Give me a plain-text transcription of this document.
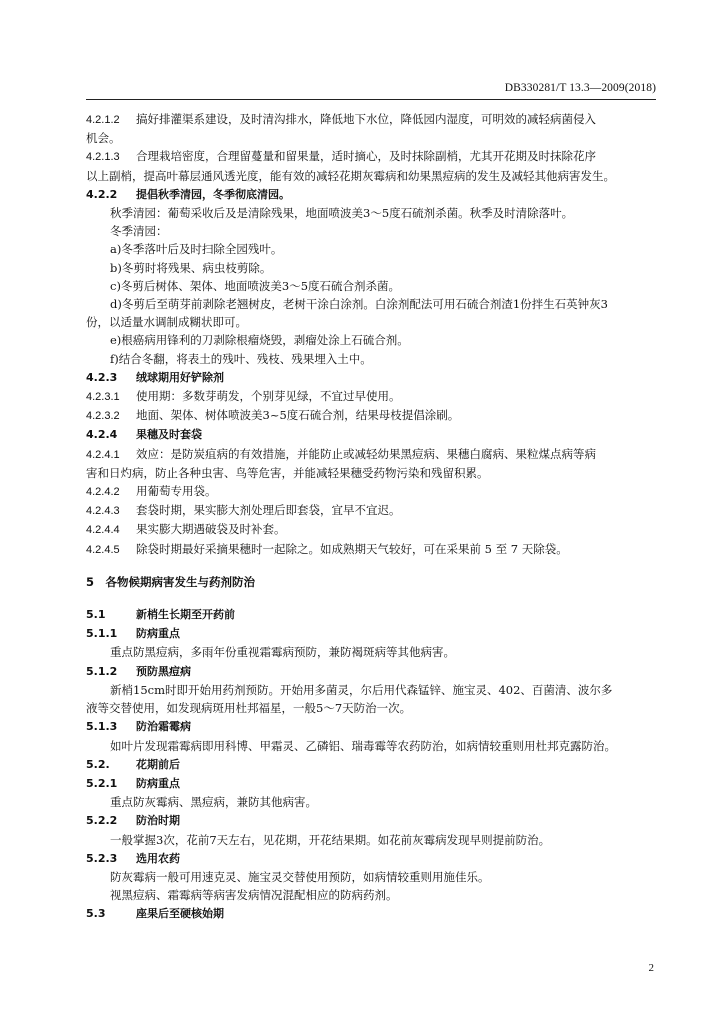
DB330281/T 13.3—2009(2018)

4.2.1.2 搞好排灌渠系建设，及时清沟排水，降低地下水位，降低园内湿度，可明效的减轻病菌侵入

机会。

4.2.1.3 合理栽培密度，合理留蔓量和留果量，适时摘心，及时抹除副梢，尤其开花期及时抹除花序

以上副梢，提高叶幕层通风透光度，能有效的减轻花期灰霉病和幼果黑痘病的发生及减轻其他病害发生。

4.2.2 提倡秋季清园，冬季彻底清园。

秋季清园：葡萄采收后及是清除残果，地面喷波美3～5度石硫剂杀菌。秋季及时清除落叶。

冬季清园：

a)冬季落叶后及时扫除全园残叶。

b)冬剪时将残果、病虫枝剪除。

c)冬剪后树体、架体、地面喷波美3～5度石硫合剂杀菌。

d)冬剪后至萌芽前剥除老翘树皮，老树干涂白涂剂。白涂剂配法可用石硫合剂渣1份拌生石英钟灰3

份，以适量水调制成糊状即可。

e)根癌病用锋利的刀剥除根瘤烧毁，剥瘤处涂上石硫合剂。

f)结合冬翻，将表土的残叶、残枝、残果埋入土中。

4.2.3 绒球期用好铲除剂

4.2.3.1 使用期：多数芽萌发，个别芽见绿，不宜过早使用。

4.2.3.2 地面、架体、树体喷波美3~5度石硫合剂，结果母枝提倡涂刷。

4.2.4 果穗及时套袋

4.2.4.1 效应：是防炭疽病的有效措施，并能防止或减轻幼果黑痘病、果穗白腐病、果粒煤点病等病

害和日灼病，防止各种虫害、鸟等危害，并能减轻果穗受药物污染和残留积累。

4.2.4.2 用葡萄专用袋。

4.2.4.3 套袋时期，果实膨大剂处理后即套袋，宜早不宜迟。

4.2.4.4 果实膨大期遇破袋及时补套。

4.2.4.5 除袋时期最好采摘果穗时一起除之。如成熟期天气较好，可在采果前 5 至 7 天除袋。

5　各物候期病害发生与药剂防治

5.1	新梢生长期至开药前

5.1.1 防病重点

重点防黑痘病，多雨年份重视霜霉病预防，兼防褐斑病等其他病害。

5.1.2 预防黑痘病

新梢15cm时即开始用药剂预防。开始用多菌灵，尔后用代森锰锌、施宝灵、402、百菌清、波尔多

液等交替使用，如发现病斑用杜邦福星，一般5～7天防治一次。

5.1.3 防治霜霉病

如叶片发现霜霉病即用科博、甲霜灵、乙磷铝、瑞毒霉等农药防治，如病情较重则用杜邦克露防治。

5.2. 花期前后

5.2.1 防病重点

重点防灰霉病、黑痘病，兼防其他病害。

5.2.2 防治时期

一般掌握3次，花前7天左右，见花期，开花结果期。如花前灰霉病发现早则提前防治。

5.2.3 选用农药

防灰霉病一般可用速克灵、施宝灵交替使用预防，如病情较重则用施佳乐。

视黑痘病、霜霉病等病害发病情况混配相应的防病药剂。

5.3	座果后至硬核始期

2
